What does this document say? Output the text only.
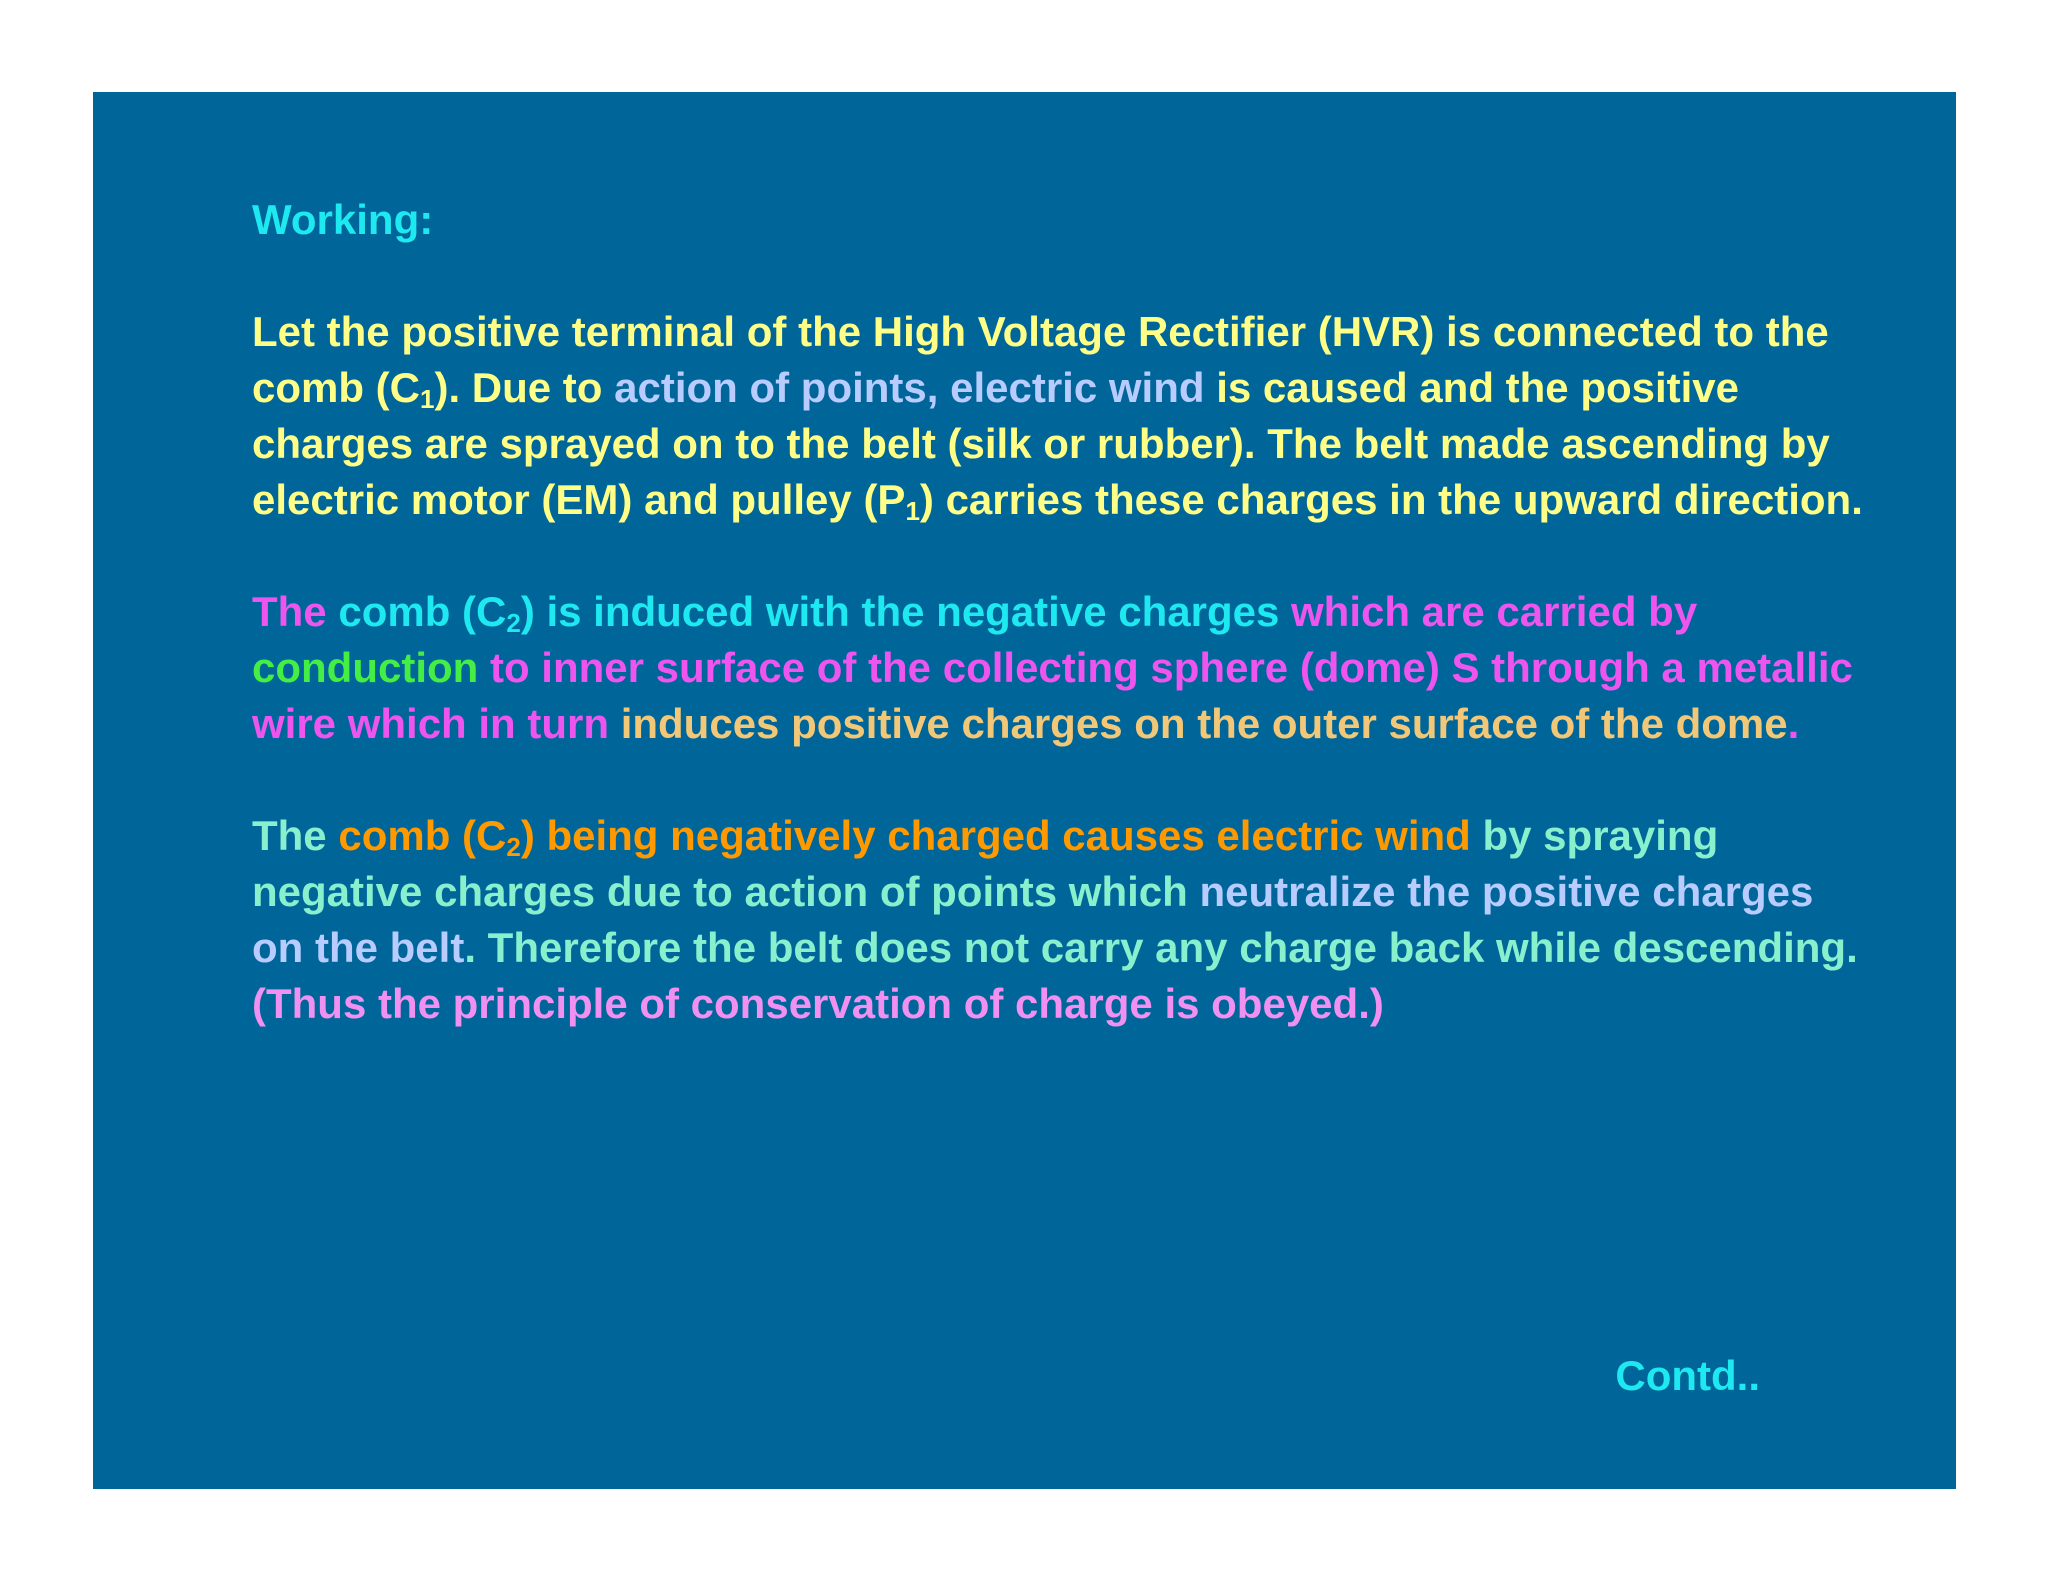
Working:

Let the positive terminal of the High Voltage Rectifier (HVR) is connected to the comb $(C_1)$. Due to action of points, electric wind is caused and the positive charges are sprayed on to the belt (silk or rubber). The belt made ascending by electric motor (EM) and pulley $(P_1)$ carries these charges in the upward direction.

The comb $(C_2)$ is induced with the negative charges which are carried by conduction to inner surface of the collecting sphere (dome) S through a metallic wire which in turn induces positive charges on the outer surface of the dome.

The comb $(C_2)$ being negatively charged causes electric wind by spraying negative charges due to action of points which neutralize the positive charges on the belt. Therefore the belt does not carry any charge back while descending. (Thus the principle of conservation of charge is obeyed.)

Contd..
